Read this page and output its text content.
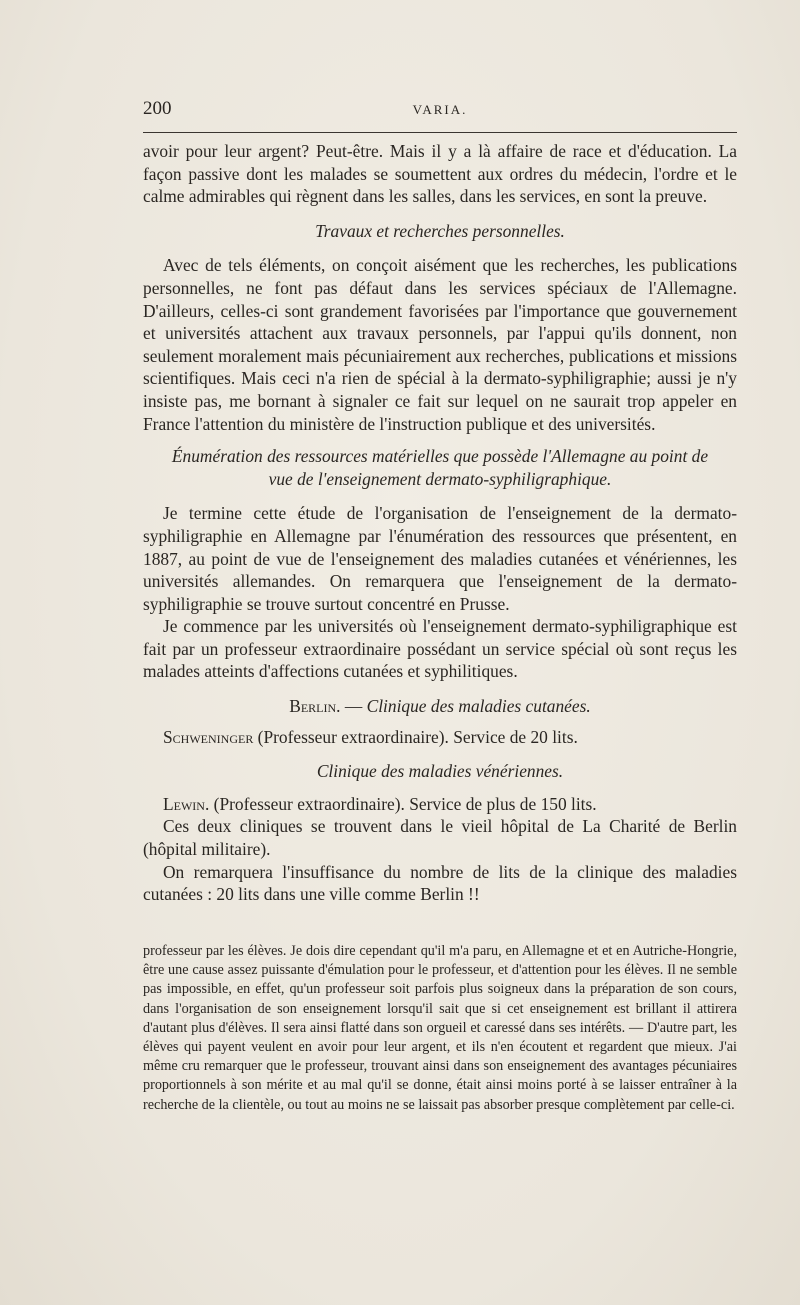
200	VARIA.

avoir pour leur argent? Peut-être. Mais il y a là affaire de race et d'éducation. La façon passive dont les malades se soumettent aux ordres du médecin, l'ordre et le calme admirables qui règnent dans les salles, dans les services, en sont la preuve.

Travaux et recherches personnelles.

Avec de tels éléments, on conçoit aisément que les recherches, les publications personnelles, ne font pas défaut dans les services spéciaux de l'Allemagne. D'ailleurs, celles-ci sont grandement favorisées par l'importance que gouvernement et universités attachent aux travaux personnels, par l'appui qu'ils donnent, non seulement moralement mais pécuniairement aux recherches, publications et missions scientifiques. Mais ceci n'a rien de spécial à la dermato-syphiligraphie; aussi je n'y insiste pas, me bornant à signaler ce fait sur lequel on ne saurait trop appeler en France l'attention du ministère de l'instruction publique et des universités.

Énumération des ressources matérielles que possède l'Allemagne au point de
vue de l'enseignement dermato-syphiligraphique.

Je termine cette étude de l'organisation de l'enseignement de la dermato-syphiligraphie en Allemagne par l'énumération des ressources que présentent, en 1887, au point de vue de l'enseignement des maladies cutanées et vénériennes, les universités allemandes. On remarquera que l'enseignement de la dermato-syphiligraphie se trouve surtout concentré en Prusse.

Je commence par les universités où l'enseignement dermato-syphiligraphique est fait par un professeur extraordinaire possédant un service spécial où sont reçus les malades atteints d'affections cutanées et syphilitiques.

Berlin. — Clinique des maladies cutanées.

Schweninger (Professeur extraordinaire). Service de 20 lits.

Clinique des maladies vénériennes.

Lewin. (Professeur extraordinaire). Service de plus de 150 lits.

Ces deux cliniques se trouvent dans le vieil hôpital de La Charité de Berlin (hôpital militaire).

On remarquera l'insuffisance du nombre de lits de la clinique des maladies cutanées : 20 lits dans une ville comme Berlin !!

professeur par les élèves. Je dois dire cependant qu'il m'a paru, en Allemagne et et en Autriche-Hongrie, être une cause assez puissante d'émulation pour le professeur, et d'attention pour les élèves. Il ne semble pas impossible, en effet, qu'un professeur soit parfois plus soigneux dans la préparation de son cours, dans l'organisation de son enseignement lorsqu'il sait que si cet enseignement est brillant il attirera d'autant plus d'élèves. Il sera ainsi flatté dans son orgueil et caressé dans ses intérêts. — D'autre part, les élèves qui payent veulent en avoir pour leur argent, et ils n'en écoutent et regardent que mieux. J'ai même cru remarquer que le professeur, trouvant ainsi dans son enseignement des avantages pécuniaires proportionnels à son mérite et au mal qu'il se donne, était ainsi moins porté à se laisser entraîner à la recherche de la clientèle, ou tout au moins ne se laissait pas absorber presque complètement par celle-ci.
